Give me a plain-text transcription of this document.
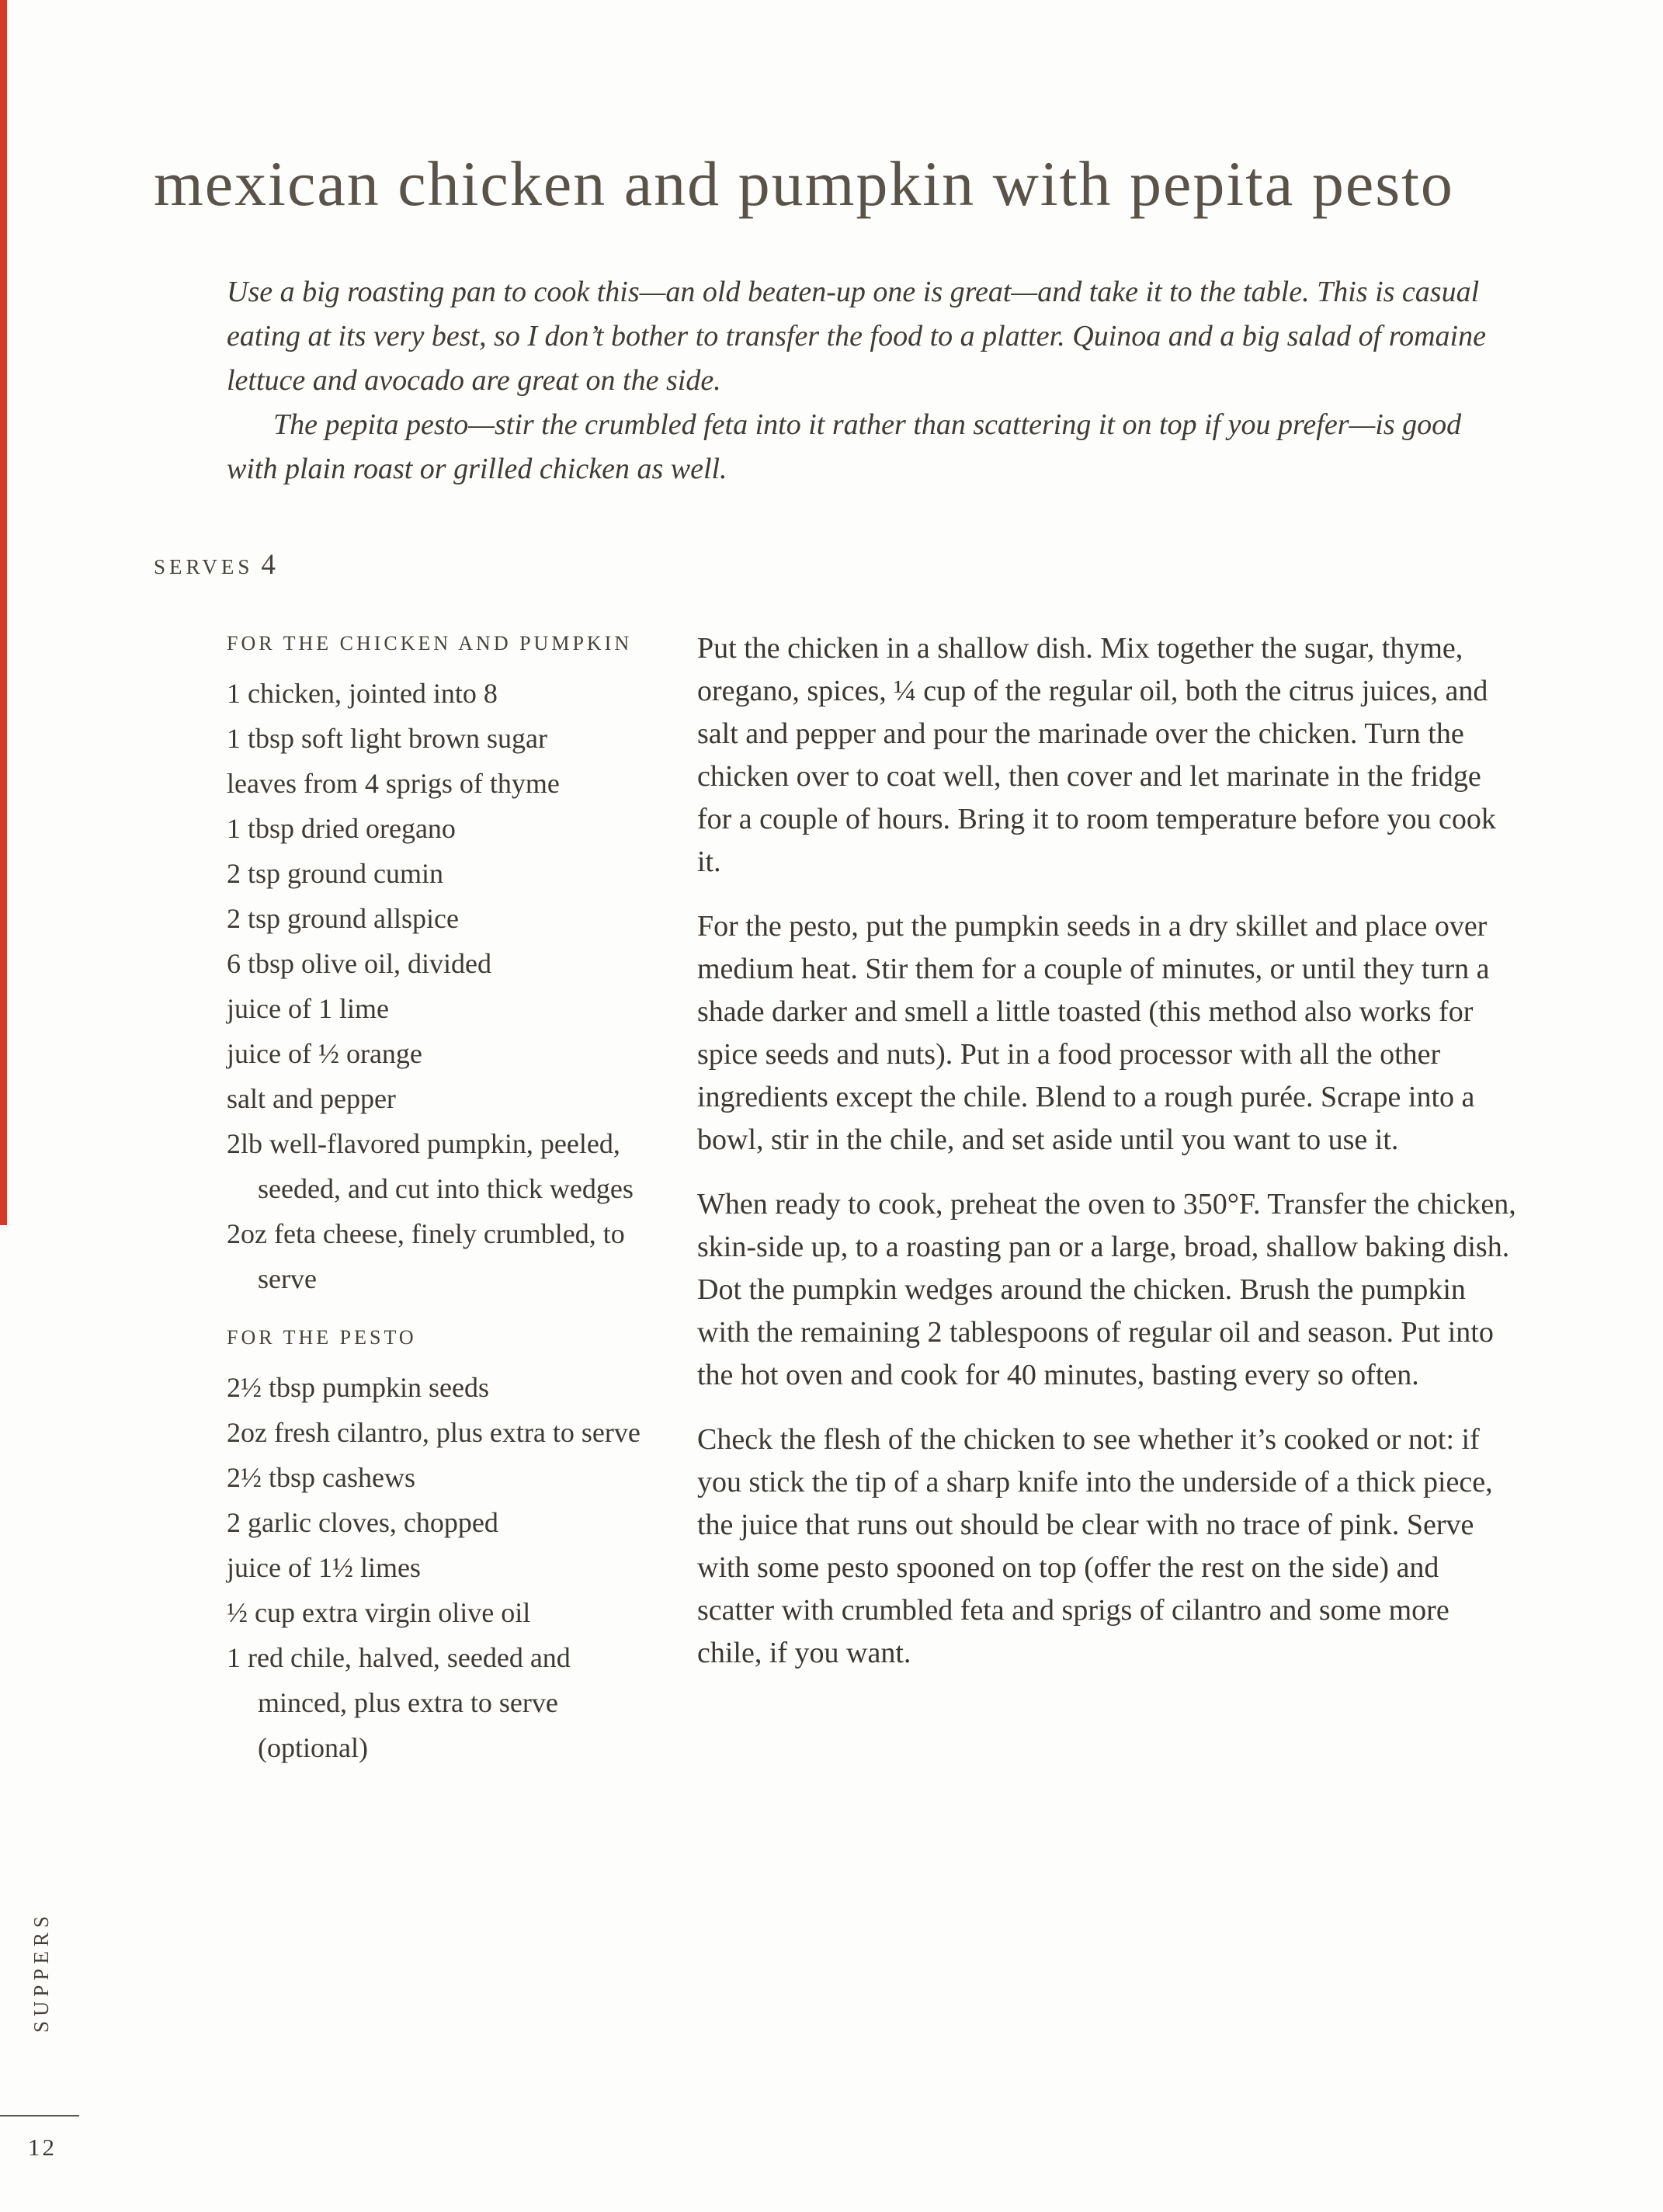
mexican chicken and pumpkin with pepita pesto

Use a big roasting pan to cook this—an old beaten-up one is great—and take it to the table. This is casual eating at its very best, so I don’t bother to transfer the food to a platter. Quinoa and a big salad of romaine lettuce and avocado are great on the side.

The pepita pesto—stir the crumbled feta into it rather than scattering it on top if you prefer—is good with plain roast or grilled chicken as well.

SERVES 4
FOR THE CHICKEN AND PUMPKIN
1 chicken, jointed into 8
1 tbsp soft light brown sugar
leaves from 4 sprigs of thyme
1 tbsp dried oregano
2 tsp ground cumin
2 tsp ground allspice
6 tbsp olive oil, divided
juice of 1 lime
juice of ½ orange
salt and pepper
2lb well-flavored pumpkin, peeled, seeded, and cut into thick wedges
2oz feta cheese, finely crumbled, to serve
FOR THE PESTO
2½ tbsp pumpkin seeds
2oz fresh cilantro, plus extra to serve
2½ tbsp cashews
2 garlic cloves, chopped
juice of 1½ limes
½ cup extra virgin olive oil
1 red chile, halved, seeded and minced, plus extra to serve (optional)

Put the chicken in a shallow dish. Mix together the sugar, thyme, oregano, spices, ¼ cup of the regular oil, both the citrus juices, and salt and pepper and pour the marinade over the chicken. Turn the chicken over to coat well, then cover and let marinate in the fridge for a couple of hours. Bring it to room temperature before you cook it.

For the pesto, put the pumpkin seeds in a dry skillet and place over medium heat. Stir them for a couple of minutes, or until they turn a shade darker and smell a little toasted (this method also works for spice seeds and nuts). Put in a food processor with all the other ingredients except the chile. Blend to a rough purée. Scrape into a bowl, stir in the chile, and set aside until you want to use it.

When ready to cook, preheat the oven to 350°F. Transfer the chicken, skin-side up, to a roasting pan or a large, broad, shallow baking dish. Dot the pumpkin wedges around the chicken. Brush the pumpkin with the remaining 2 tablespoons of regular oil and season. Put into the hot oven and cook for 40 minutes, basting every so often.

Check the flesh of the chicken to see whether it’s cooked or not: if you stick the tip of a sharp knife into the underside of a thick piece, the juice that runs out should be clear with no trace of pink. Serve with some pesto spooned on top (offer the rest on the side) and scatter with crumbled feta and sprigs of cilantro and some more chile, if you want.

SUPPERS
12
